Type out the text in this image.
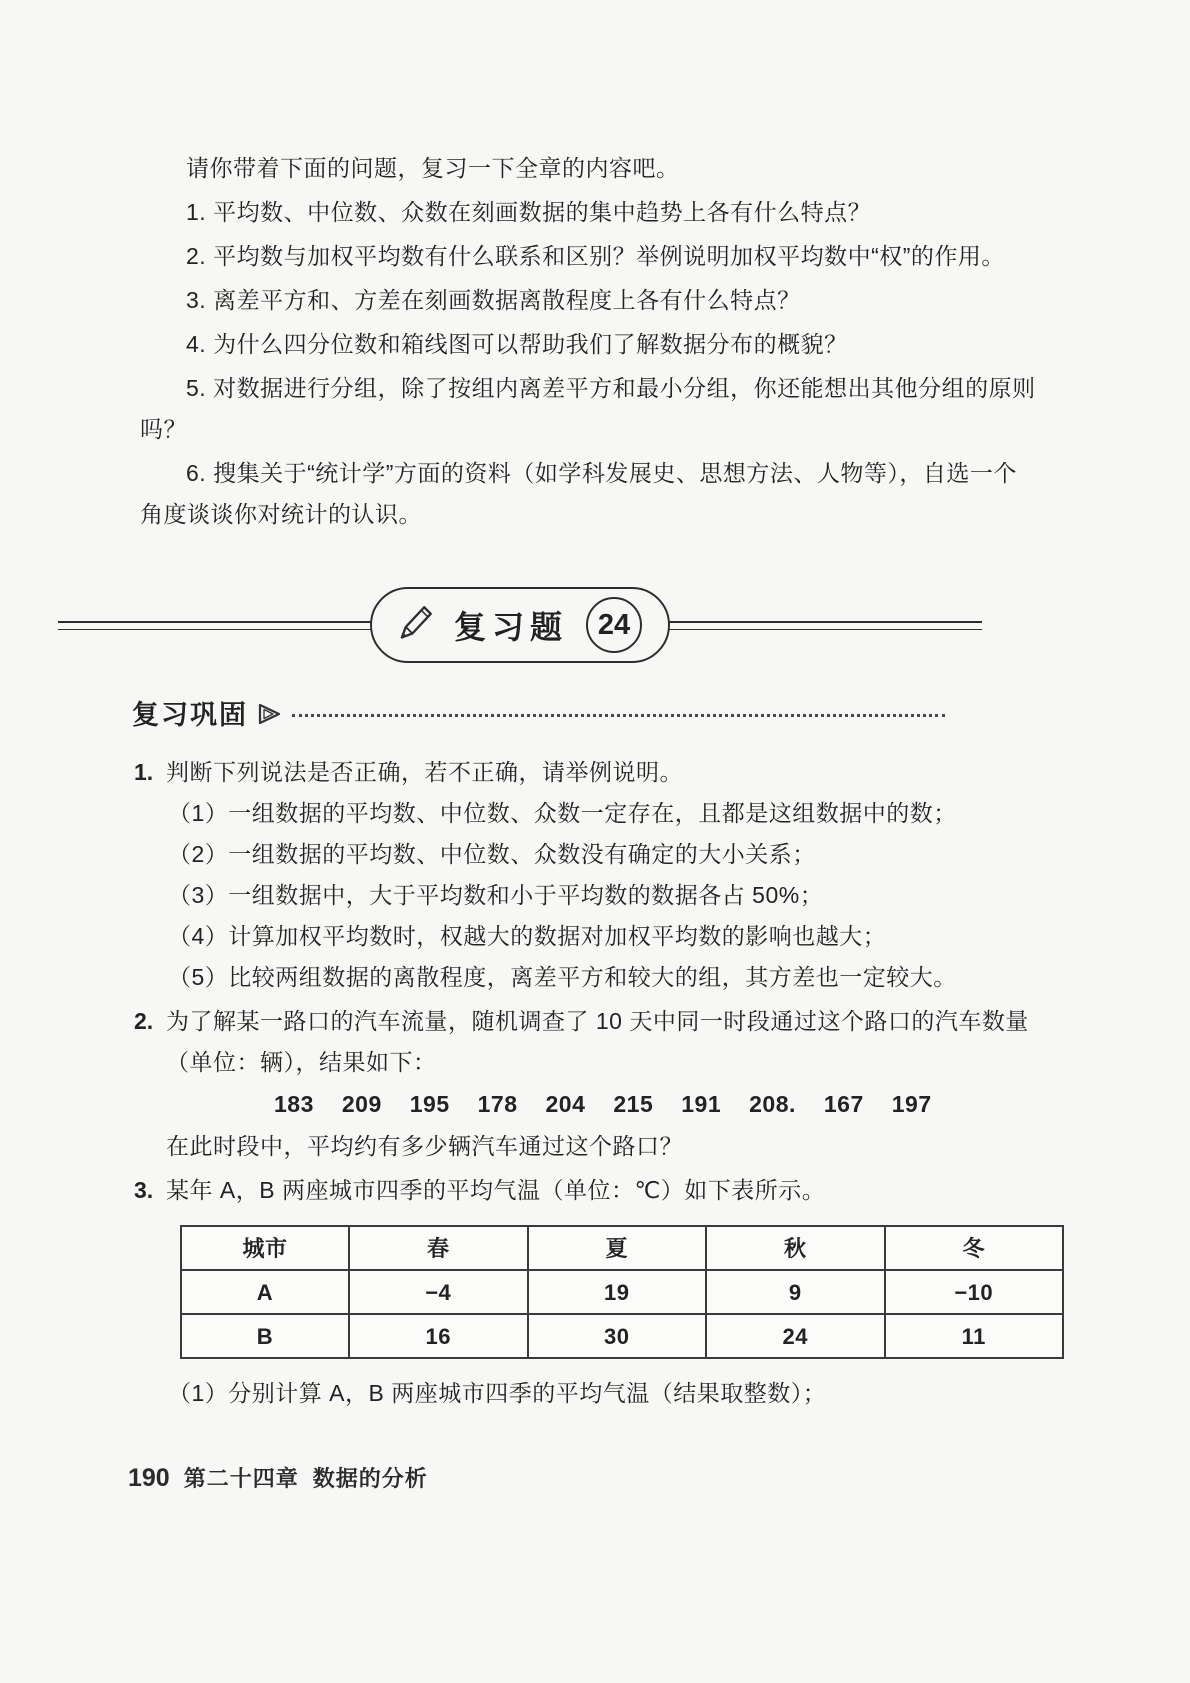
请你带着下面的问题，复习一下全章的内容吧。

1. 平均数、中位数、众数在刻画数据的集中趋势上各有什么特点？

2. 平均数与加权平均数有什么联系和区别？举例说明加权平均数中“权”的作用。

3. 离差平方和、方差在刻画数据离散程度上各有什么特点？

4. 为什么四分位数和箱线图可以帮助我们了解数据分布的概貌？

5. 对数据进行分组，除了按组内离差平方和最小分组，你还能想出其他分组的原则吗？

6. 搜集关于“统计学”方面的资料（如学科发展史、思想方法、人物等），自选一个角度谈谈你对统计的认识。

复习题	24
复习巩固
1. 判断下列说法是否正确，若不正确，请举例说明。
（1）一组数据的平均数、中位数、众数一定存在，且都是这组数据中的数；
（2）一组数据的平均数、中位数、众数没有确定的大小关系；
（3）一组数据中，大于平均数和小于平均数的数据各占 50%；
（4）计算加权平均数时，权越大的数据对加权平均数的影响也越大；
（5）比较两组数据的离散程度，离差平方和较大的组，其方差也一定较大。
2. 为了解某一路口的汽车流量，随机调查了 10 天中同一时段通过这个路口的汽车数量（单位：辆），结果如下：
183 209 195 178 204 215 191 208. 167 197
在此时段中，平均约有多少辆汽车通过这个路口？
3. 某年 A，B 两座城市四季的平均气温（单位：℃）如下表所示。
城市	春	夏	秋	冬
A	−4	19	9	−10
B	16	30	24	11
（1）分别计算 A，B 两座城市四季的平均气温（结果取整数）；
190 第二十四章 数据的分析
